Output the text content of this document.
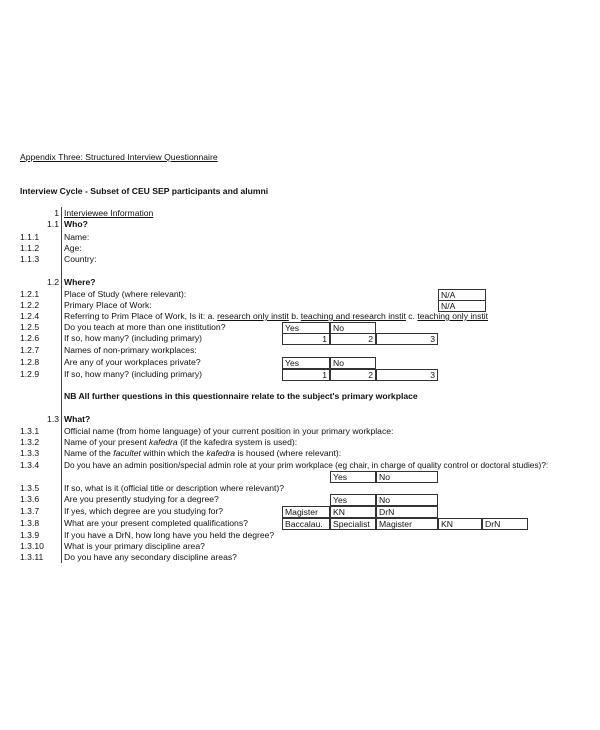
Appendix Three: Structured Interview Questionnaire
Interview Cycle - Subset of CEU SEP participants and alumni
1 Interviewee Information
1.1 Who?
1.1.1	Name:
1.1.2	Age:
1.1.3	Country:
1.2 Where?
1.2.1	Place of Study (where relevant):	N/A
1.2.2	Primary Place of Work:	N/A
1.2.4	Referring to Prim Place of Work, Is it: a. research only instit b. teaching and research instit c. teaching only instit
1.2.5	Do you teach at more than one institution?	Yes	No
1.2.6	If so, how many? (including primary)	1	2	3
1.2.7	Names of non-primary workplaces:
1.2.8	Are any of your workplaces private?	Yes	No
1.2.9	If so, how many? (including primary)	1	2	3
NB All further questions in this questionnaire relate to the subject's primary workplace
1.3 What?
1.3.1	Official name (from home language) of your current position in your primary workplace:
1.3.2	Name of your present kafedra (if the kafedra system is used):
1.3.3	Name of the facultet within which the kafedra is housed (where relevant):
1.3.4	Do you have an admin position/special admin role at your prim workplace (eg chair, in charge of quality control or doctoral studies)?:
Yes	No
1.3.5	If so, what is it (official title or description where relevant)?
1.3.6	Are you presently studying for a degree?	Yes	No
1.3.7	If yes, which degree are you studying for?	Magister	KN	DrN
1.3.8	What are your present completed qualifications?	Baccalau.	Specialist	Magister	KN	DrN
1.3.9	If you have a DrN, how long have you held the degree?
1.3.10 What is your primary discipline area?
1.3.11 Do you have any secondary discipline areas?
